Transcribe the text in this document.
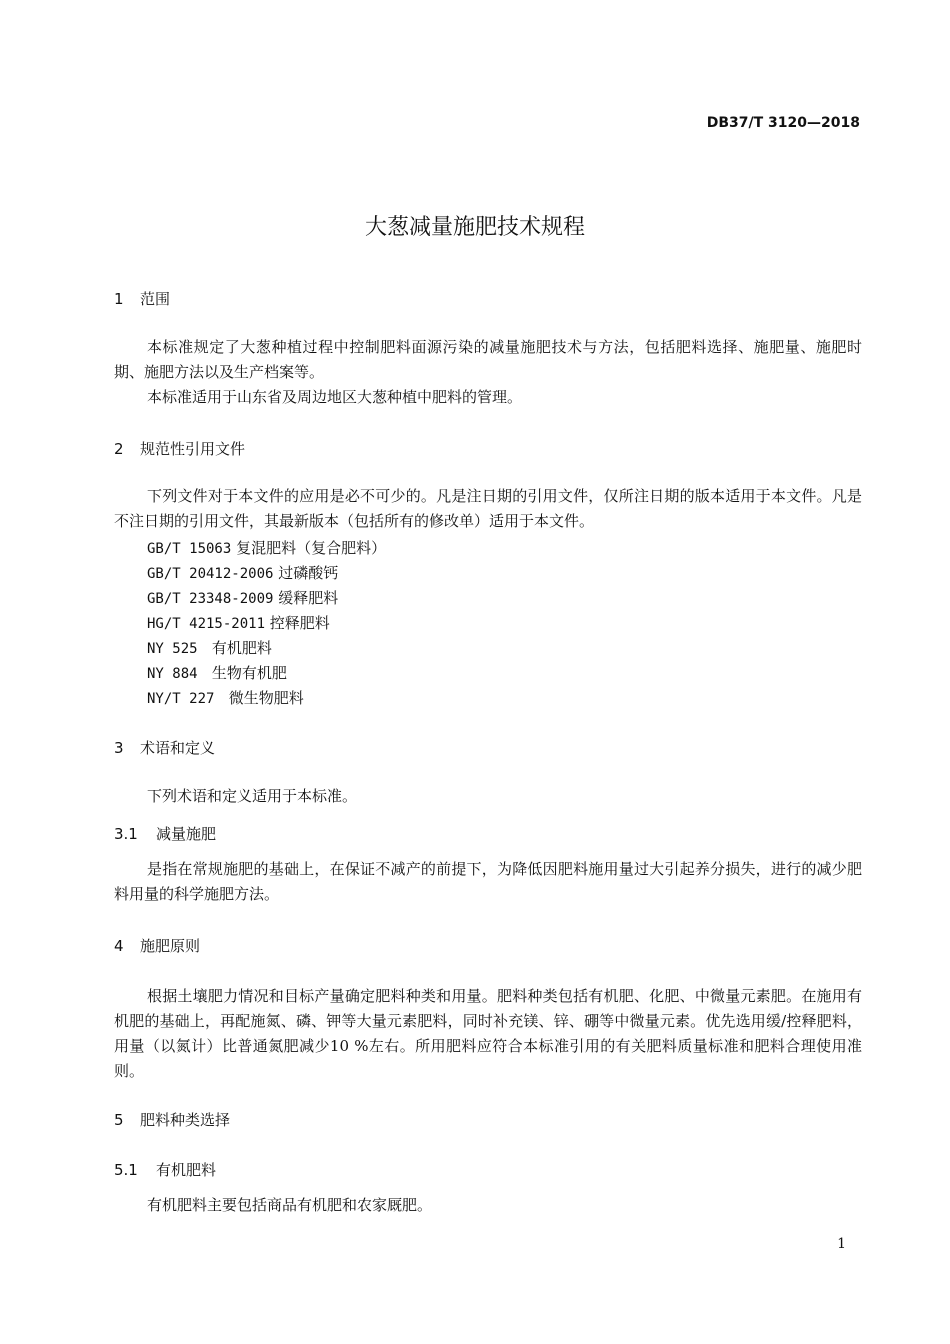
DB37/T 3120—2018
大葱减量施肥技术规程
1 范围

本标准规定了大葱种植过程中控制肥料面源污染的减量施肥技术与方法，包括肥料选择、施肥量、施肥时期、施肥方法以及生产档案等。

本标准适用于山东省及周边地区大葱种植中肥料的管理。

2 规范性引用文件

下列文件对于本文件的应用是必不可少的。凡是注日期的引用文件，仅所注日期的版本适用于本文件。凡是不注日期的引用文件，其最新版本（包括所有的修改单）适用于本文件。

GB/T 15063 复混肥料（复合肥料）
GB/T 20412-2006 过磷酸钙
GB/T 23348-2009 缓释肥料
HG/T 4215-2011 控释肥料
NY 525 有机肥料
NY 884 生物有机肥
NY/T 227 微生物肥料
3 术语和定义

下列术语和定义适用于本标准。

3.1 减量施肥

是指在常规施肥的基础上，在保证不减产的前提下，为降低因肥料施用量过大引起养分损失，进行的减少肥料用量的科学施肥方法。

4 施肥原则

根据土壤肥力情况和目标产量确定肥料种类和用量。肥料种类包括有机肥、化肥、中微量元素肥。在施用有机肥的基础上，再配施氮、磷、钾等大量元素肥料，同时补充镁、锌、硼等中微量元素。优先选用缓/控释肥料，用量（以氮计）比普通氮肥减少10 %左右。所用肥料应符合本标准引用的有关肥料质量标准和肥料合理使用准则。

5 肥料种类选择
5.1 有机肥料

有机肥料主要包括商品有机肥和农家厩肥。

1
